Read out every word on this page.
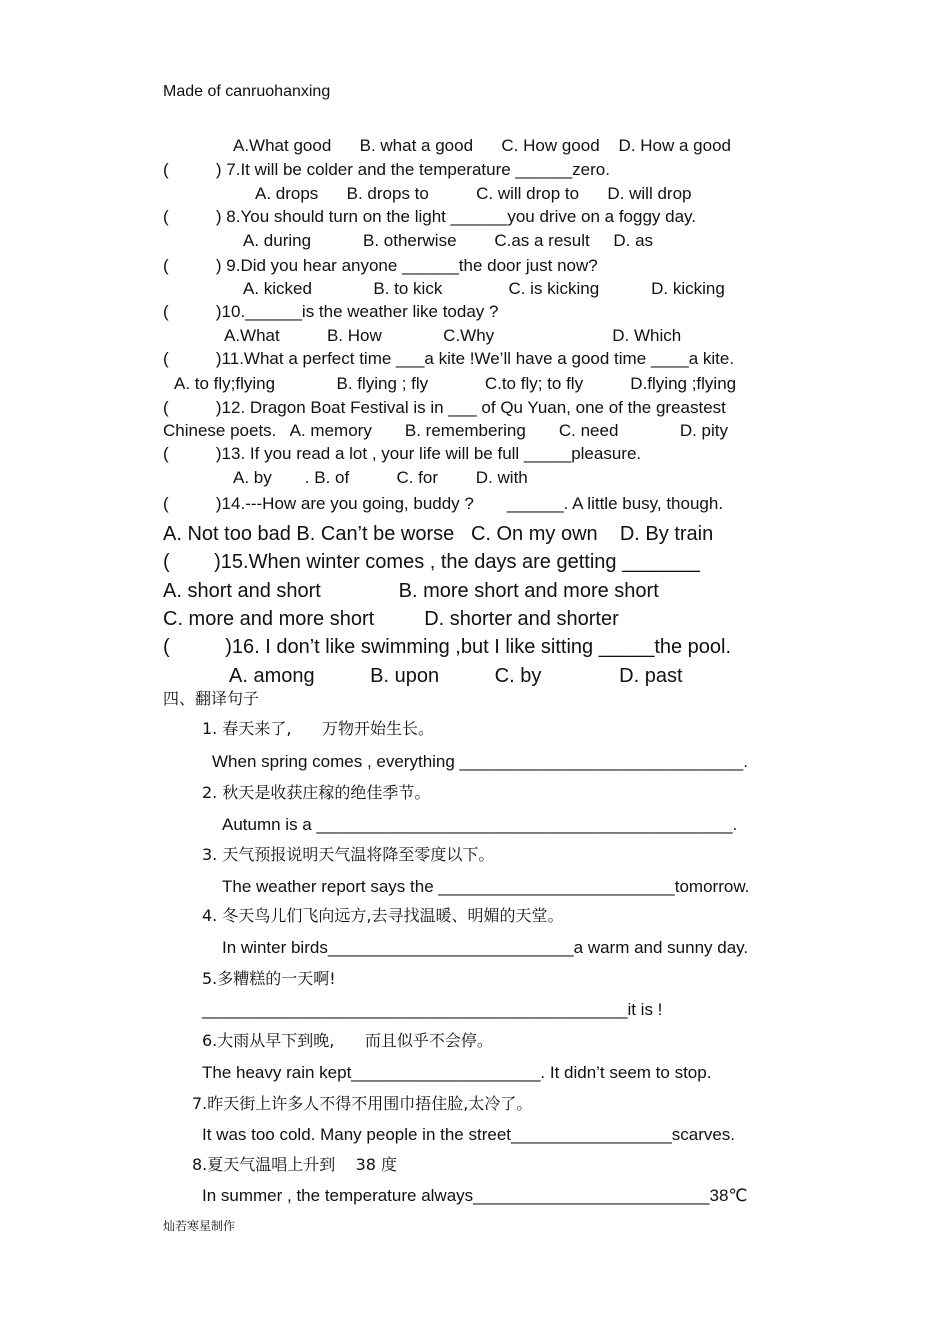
Made of canruohanxing
A.What good      B. what a good      C. How good    D. How a good
(          ) 7.It will be colder and the temperature ______zero.
A. drops      B. drops to          C. will drop to      D. will drop
(          ) 8.You should turn on the light ______you drive on a foggy day.
A. during           B. otherwise        C.as a result     D. as
(          ) 9.Did you hear anyone ______the door just now?
A. kicked             B. to kick              C. is kicking           D. kicking
(          )10.______is the weather like today ?
A.What          B. How             C.Why                         D. Which
(          )11.What a perfect time ___a kite !We’ll have a good time ____a kite.
A. to fly;flying             B. flying ; fly            C.to fly; to fly          D.flying ;flying
(          )12. Dragon Boat Festival is in ___ of Qu Yuan, one of the greastest
Chinese poets.   A. memory       B. remembering       C. need             D. pity
(          )13. If you read a lot , your life will be full _____pleasure.
A. by       . B. of          C. for        D. with
(          )14.---How are you going, buddy ?       ______. A little busy, though.
A. Not too bad B. Can’t be worse   C. On my own    D. By train
(        )15.When winter comes , the days are getting _______
A. short and short              B. more short and more short
C. more and more short         D. shorter and shorter
(          )16. I don’t like swimming ,but I like sitting _____the pool.
A. among          B. upon          C. by              D. past
四、翻译句子
1. 春天来了,      万物开始生长。
When spring comes , everything ______________________________.
2. 秋天是收获庄稼的绝佳季节。
Autumn is a ____________________________________________.
3. 天气预报说明天气温将降至零度以下。
The weather report says the _________________________tomorrow.
4. 冬天鸟儿们飞向远方,去寻找温暖、明媚的天堂。
In winter birds__________________________a warm and sunny day.
5.多糟糕的一天啊!
_____________________________________________it is !
6.大雨从早下到晚,      而且似乎不会停。
The heavy rain kept____________________. It didn’t seem to stop.
7.昨天街上许多人不得不用围巾捂住脸,太冷了。
It was too cold. Many people in the street_________________scarves.
8.夏天气温唱上升到    38 度
In summer , the temperature always_________________________38℃
灿若寒星制作
